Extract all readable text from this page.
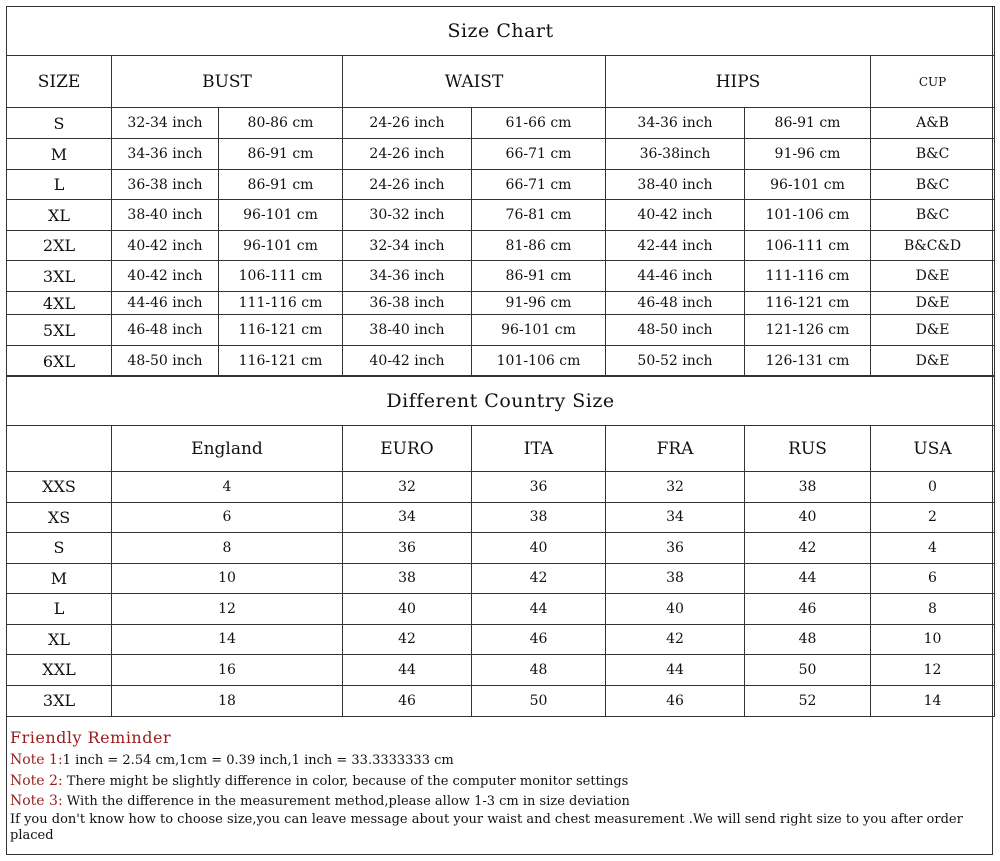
Size Chart							
SIZE	BUST		WAIST		HIPS		CUP
S	32-34 inch	80-86 cm	24-26 inch	61-66 cm	34-36 inch	86-91 cm	A&B
M	34-36 inch	86-91 cm	24-26 inch	66-71 cm	36-38inch	91-96 cm	B&C
L	36-38 inch	86-91 cm	24-26 inch	66-71 cm	38-40 inch	96-101 cm	B&C
XL	38-40 inch	96-101 cm	30-32 inch	76-81 cm	40-42 inch	101-106 cm	B&C
2XL	40-42 inch	96-101 cm	32-34 inch	81-86 cm	42-44 inch	106-111 cm	B&C&D
3XL	40-42 inch	106-111 cm	34-36 inch	86-91 cm	44-46 inch	111-116 cm	D&E
4XL	44-46 inch	111-116 cm	36-38 inch	91-96 cm	46-48 inch	116-121 cm	D&E
5XL	46-48 inch	116-121 cm	38-40 inch	96-101 cm	48-50 inch	121-126 cm	D&E
6XL	48-50 inch	116-121 cm	40-42 inch	101-106 cm	50-52 inch	126-131 cm	D&E
Different Country Size						
	England	EURO	ITA	FRA	RUS	USA
XXS	4	32	36	32	38	0
XS	6	34	38	34	40	2
S	8	36	40	36	42	4
M	10	38	42	38	44	6
L	12	40	44	40	46	8
XL	14	42	46	42	48	10
XXL	16	44	48	44	50	12
3XL	18	46	50	46	52	14
Friendly Reminder
Note 1:1 inch = 2.54 cm,1cm = 0.39 inch,1 inch = 33.3333333 cm
Note 2: There might be slightly difference in color, because of the computer monitor settings
Note 3: With the difference in the measurement method,please allow 1-3 cm in size deviation
If you don't know how to choose size,you can leave message about your waist and chest measurement .We will send right size to you after order placed
